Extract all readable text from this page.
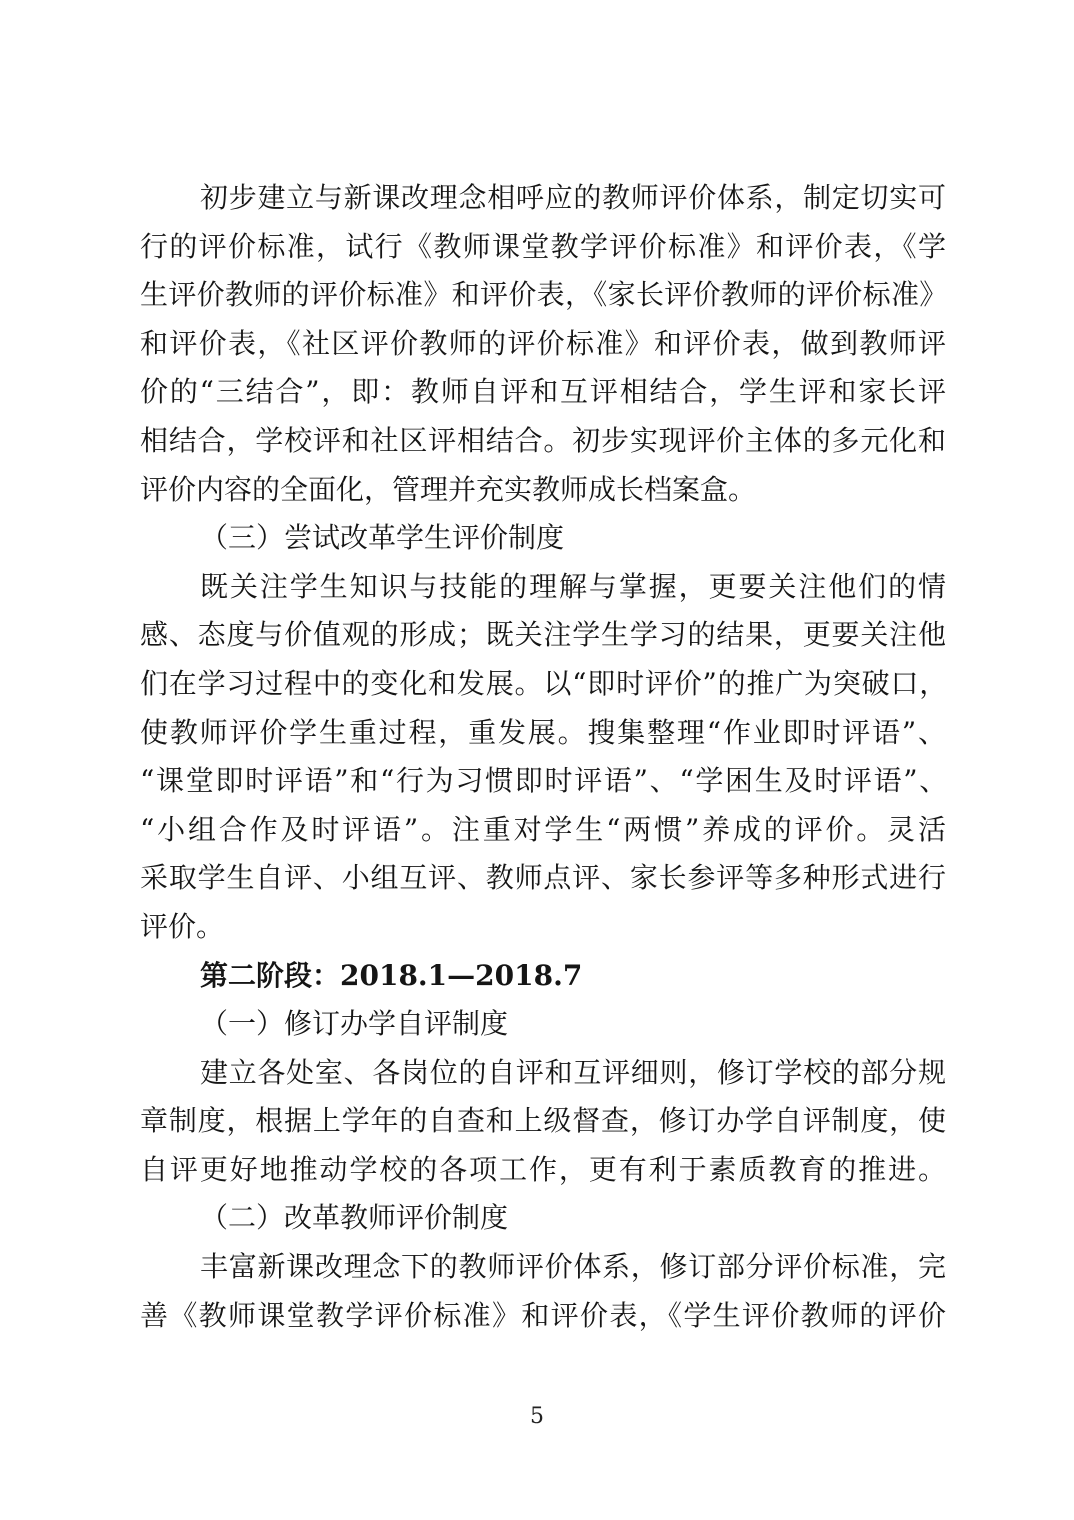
初步建立与新课改理念相呼应的教师评价体系，制定切实可
行的评价标准，试行《教师课堂教学评价标准》和评价表，《学
生评价教师的评价标准》和评价表，《家长评价教师的评价标准》
和评价表，《社区评价教师的评价标准》和评价表，做到教师评
价的“三结合”，即：教师自评和互评相结合，学生评和家长评
相结合，学校评和社区评相结合。初步实现评价主体的多元化和
评价内容的全面化，管理并充实教师成长档案盒。
（三）尝试改革学生评价制度
既关注学生知识与技能的理解与掌握，更要关注他们的情
感、态度与价值观的形成；既关注学生学习的结果，更要关注他
们在学习过程中的变化和发展。以“即时评价”的推广为突破口，
使教师评价学生重过程，重发展。搜集整理“作业即时评语”、
“课堂即时评语”和“行为习惯即时评语”、“学困生及时评语”、
“小组合作及时评语”。注重对学生“两惯”养成的评价。灵活
采取学生自评、小组互评、教师点评、家长参评等多种形式进行
评价。
第二阶段：2018.1—2018.7
（一）修订办学自评制度
建立各处室、各岗位的自评和互评细则，修订学校的部分规
章制度，根据上学年的自查和上级督查，修订办学自评制度，使
自评更好地推动学校的各项工作，更有利于素质教育的推进。
（二）改革教师评价制度
丰富新课改理念下的教师评价体系，修订部分评价标准，完
善《教师课堂教学评价标准》和评价表，《学生评价教师的评价
5
